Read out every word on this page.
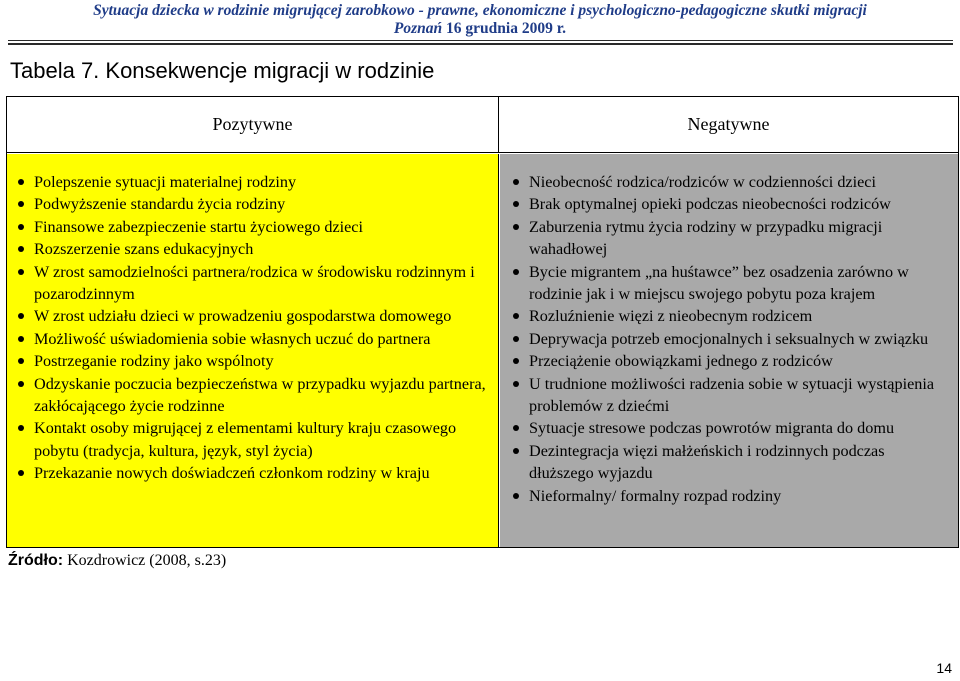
Sytuacja dziecka w rodzinie migrującej zarobkowo - prawne, ekonomiczne i psychologiczno-pedagogiczne skutki migracji
Poznań 16 grudnia 2009 r.
Tabela 7. Konsekwencje migracji w rodzinie
Pozytywne	Negatywne
Polepszenie sytuacji materialnej rodziny
Podwyższenie standardu życia rodziny
Finansowe zabezpieczenie startu życiowego dzieci
Rozszerzenie szans edukacyjnych
W zrost samodzielności partnera/rodzica w środowisku rodzinnym i pozarodzinnym
W zrost udziału dzieci w prowadzeniu gospodarstwa domowego
Możliwość uświadomienia sobie własnych uczuć do partnera
Postrzeganie rodziny jako wspólnoty
Odzyskanie poczucia bezpieczeństwa w przypadku wyjazdu partnera, zakłócającego życie rodzinne
Kontakt osoby migrującej z elementami kultury kraju czasowego pobytu (tradycja, kultura, język, styl życia)
Przekazanie nowych doświadczeń członkom rodziny w kraju
Nieobecność rodzica/rodziców w codzienności dzieci
Brak optymalnej opieki podczas nieobecności rodziców
Zaburzenia rytmu życia rodziny w przypadku migracji wahadłowej
Bycie migrantem „na huśtawce” bez osadzenia zarówno w rodzinie jak i w miejscu swojego pobytu poza krajem
Rozluźnienie więzi z nieobecnym rodzicem
Deprywacja potrzeb emocjonalnych i seksualnych w związku
Przeciążenie obowiązkami jednego z rodziców
U trudnione możliwości radzenia sobie w sytuacji wystąpienia problemów z dziećmi
Sytuacje stresowe podczas powrotów migranta do domu
Dezintegracja więzi małżeńskich i rodzinnych podczas dłuższego wyjazdu
Nieformalny/ formalny rozpad rodziny
Źródło: Kozdrowicz (2008, s.23)
14
